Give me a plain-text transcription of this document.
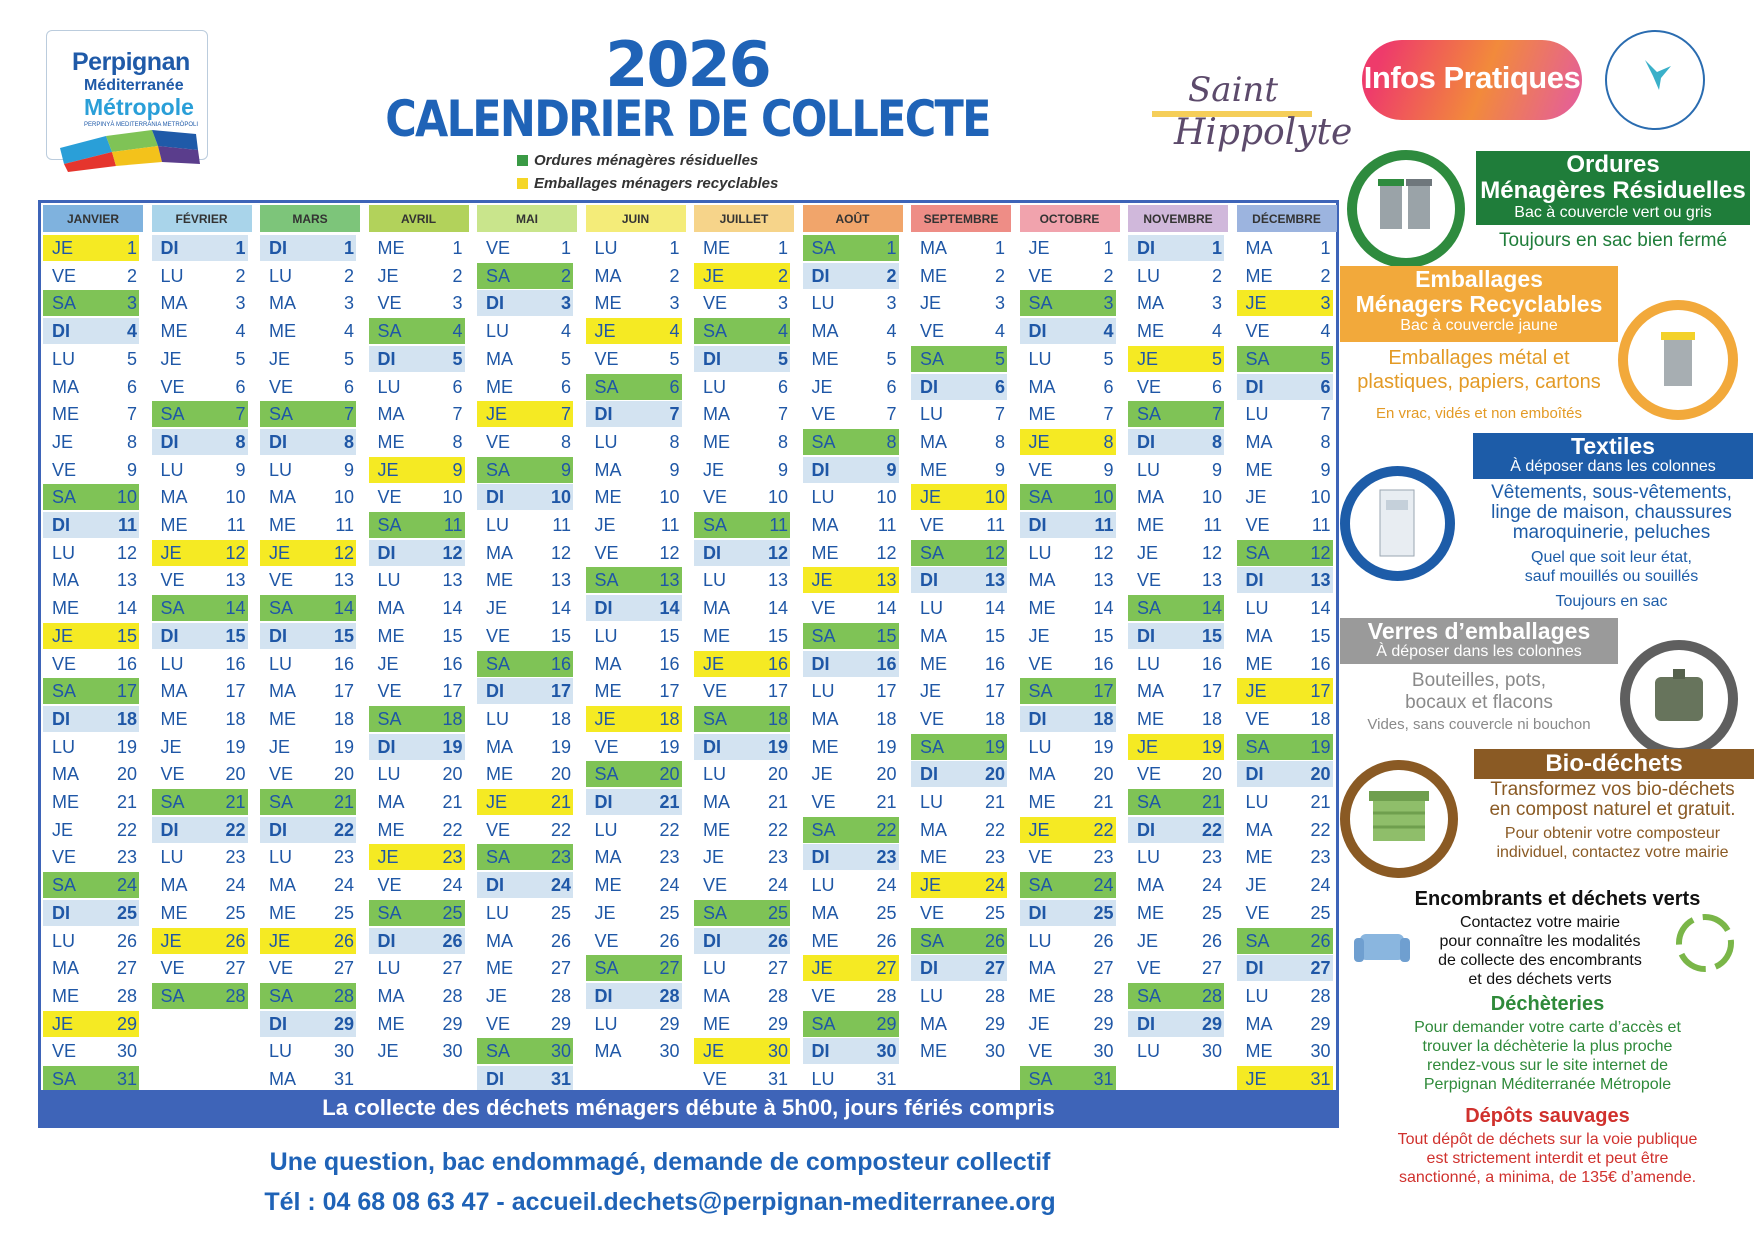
Perpignan
Méditerranée
Métropole
PERPINYÀ MEDITERRÀNIA METRÒPOLI
2026
CALENDRIER DE COLLECTE
Ordures ménagères résiduelles
Emballages ménagers recyclables
Saint
Hippolyte
Infos Pratiques
JANVIER
JE	1
VE	2
SA	3
DI	4
LU	5
MA	6
ME	7
JE	8
VE	9
SA 10
DI	11
LU 12
MA 13
ME 14
JE 15
VE 16
SA 17
DI	18
LU 19
MA 20
ME 21
JE 22
VE 23
SA 24
DI	25
LU 26
MA 27
ME 28
JE 29
VE 30
SA 31
FÉVRIER
DI	1
LU	2
MA	3
ME	4
JE	5
VE	6
SA	7
DI	8
LU	9
MA 10
ME 11
JE 12
VE 13
SA 14
DI	15
LU 16
MA 17
ME 18
JE 19
VE 20
SA 21
DI	22
LU 23
MA 24
ME 25
JE 26
VE 27
SA 28
MARS
DI	1
LU	2
MA	3
ME	4
JE	5
VE	6
SA	7
DI	8
LU	9
MA 10
ME 11
JE 12
VE 13
SA 14
DI	15
LU 16
MA 17
ME 18
JE 19
VE 20
SA 21
DI	22
LU 23
MA 24
ME 25
JE 26
VE 27
SA 28
DI	29
LU 30
MA 31
AVRIL
ME	1
JE	2
VE	3
SA	4
DI	5
LU	6
MA	7
ME	8
JE	9
VE 10
SA 11
DI	12
LU 13
MA 14
ME 15
JE 16
VE 17
SA 18
DI	19
LU 20
MA 21
ME 22
JE 23
VE 24
SA 25
DI	26
LU 27
MA 28
ME 29
JE 30
MAI
VE	1
SA	2
DI	3
LU	4
MA	5
ME	6
JE	7
VE	8
SA	9
DI	10
LU 11
MA 12
ME 13
JE 14
VE 15
SA 16
DI	17
LU 18
MA 19
ME 20
JE 21
VE 22
SA 23
DI	24
LU 25
MA 26
ME 27
JE 28
VE 29
SA 30
DI	31
JUIN
LU	1
MA	2
ME	3
JE	4
VE	5
SA	6
DI	7
LU	8
MA	9
ME 10
JE	11
VE 12
SA 13
DI	14
LU 15
MA 16
ME 17
JE 18
VE 19
SA 20
DI	21
LU 22
MA 23
ME 24
JE 25
VE 26
SA 27
DI	28
LU 29
MA 30
JUILLET
ME	1
JE	2
VE	3
SA	4
DI	5
LU	6
MA	7
ME	8
JE	9
VE 10
SA 11
DI	12
LU 13
MA 14
ME 15
JE 16
VE 17
SA 18
DI	19
LU 20
MA 21
ME 22
JE 23
VE 24
SA 25
DI	26
LU 27
MA 28
ME 29
JE 30
VE 31
AOÛT
SA	1
DI	2
LU	3
MA	4
ME	5
JE	6
VE	7
SA	8
DI	9
LU 10
MA 11
ME 12
JE 13
VE 14
SA 15
DI	16
LU 17
MA 18
ME 19
JE 20
VE 21
SA 22
DI	23
LU 24
MA 25
ME 26
JE 27
VE 28
SA 29
DI	30
LU 31
SEPTEMBRE
MA	1
ME	2
JE	3
VE	4
SA	5
DI	6
LU	7
MA	8
ME	9
JE 10
VE 11
SA 12
DI	13
LU 14
MA 15
ME 16
JE 17
VE 18
SA 19
DI	20
LU 21
MA 22
ME 23
JE 24
VE 25
SA 26
DI	27
LU 28
MA 29
ME 30
OCTOBRE
JE	1
VE	2
SA	3
DI	4
LU	5
MA	6
ME	7
JE	8
VE	9
SA 10
DI	11
LU 12
MA 13
ME 14
JE 15
VE 16
SA 17
DI	18
LU 19
MA 20
ME 21
JE 22
VE 23
SA 24
DI	25
LU 26
MA 27
ME 28
JE 29
VE 30
SA 31
NOVEMBRE
DI	1
LU	2
MA	3
ME	4
JE	5
VE	6
SA	7
DI	8
LU	9
MA 10
ME 11
JE 12
VE 13
SA 14
DI	15
LU 16
MA 17
ME 18
JE 19
VE 20
SA 21
DI	22
LU 23
MA 24
ME 25
JE 26
VE 27
SA 28
DI	29
LU 30
DÉCEMBRE
MA	1
ME	2
JE	3
VE	4
SA	5
DI	6
LU	7
MA	8
ME	9
JE 10
VE 11
SA 12
DI	13
LU 14
MA 15
ME 16
JE 17
VE 18
SA 19
DI	20
LU 21
MA 22
ME 23
JE 24
VE 25
SA 26
DI	27
LU 28
MA 29
ME 30
JE 31
La collecte des déchets ménagers débute à 5h00, jours fériés compris
Une question, bac endommagé, demande de composteur collectif
Tél : 04 68 08 63 47 - accueil.dechets@perpignan-mediterranee.org
Ordures
Ménagères Résiduelles
Bac à couvercle vert ou gris
Toujours en sac bien fermé
Emballages
Ménagers Recyclables
Bac à couvercle jaune
Emballages métal et
plastiques, papiers, cartons
En vrac, vidés et non emboîtés
Textiles
À déposer dans les colonnes
Vêtements, sous-vêtements,
linge de maison, chaussures
maroquinerie, peluches
Quel que soit leur état,
sauf mouillés ou souillés
Toujours en sac
Verres d’emballages
À déposer dans les colonnes
Bouteilles, pots,
bocaux et flacons
Vides, sans couvercle ni bouchon
Bio-déchets
Transformez vos bio-déchets
en compost naturel et gratuit.
Pour obtenir votre composteur
individuel, contactez votre mairie
Encombrants et déchets verts
Contactez votre mairie
pour connaître les modalités
de collecte des encombrants
et des déchets verts
Déchèteries
Pour demander votre carte d’accès et
trouver la déchèterie la plus proche
rendez-vous sur le site internet de
Perpignan Méditerranée Métropole
Dépôts sauvages
Tout dépôt de déchets sur la voie publique
est strictement interdit et peut être
sanctionné, a minima, de 135€ d’amende.
